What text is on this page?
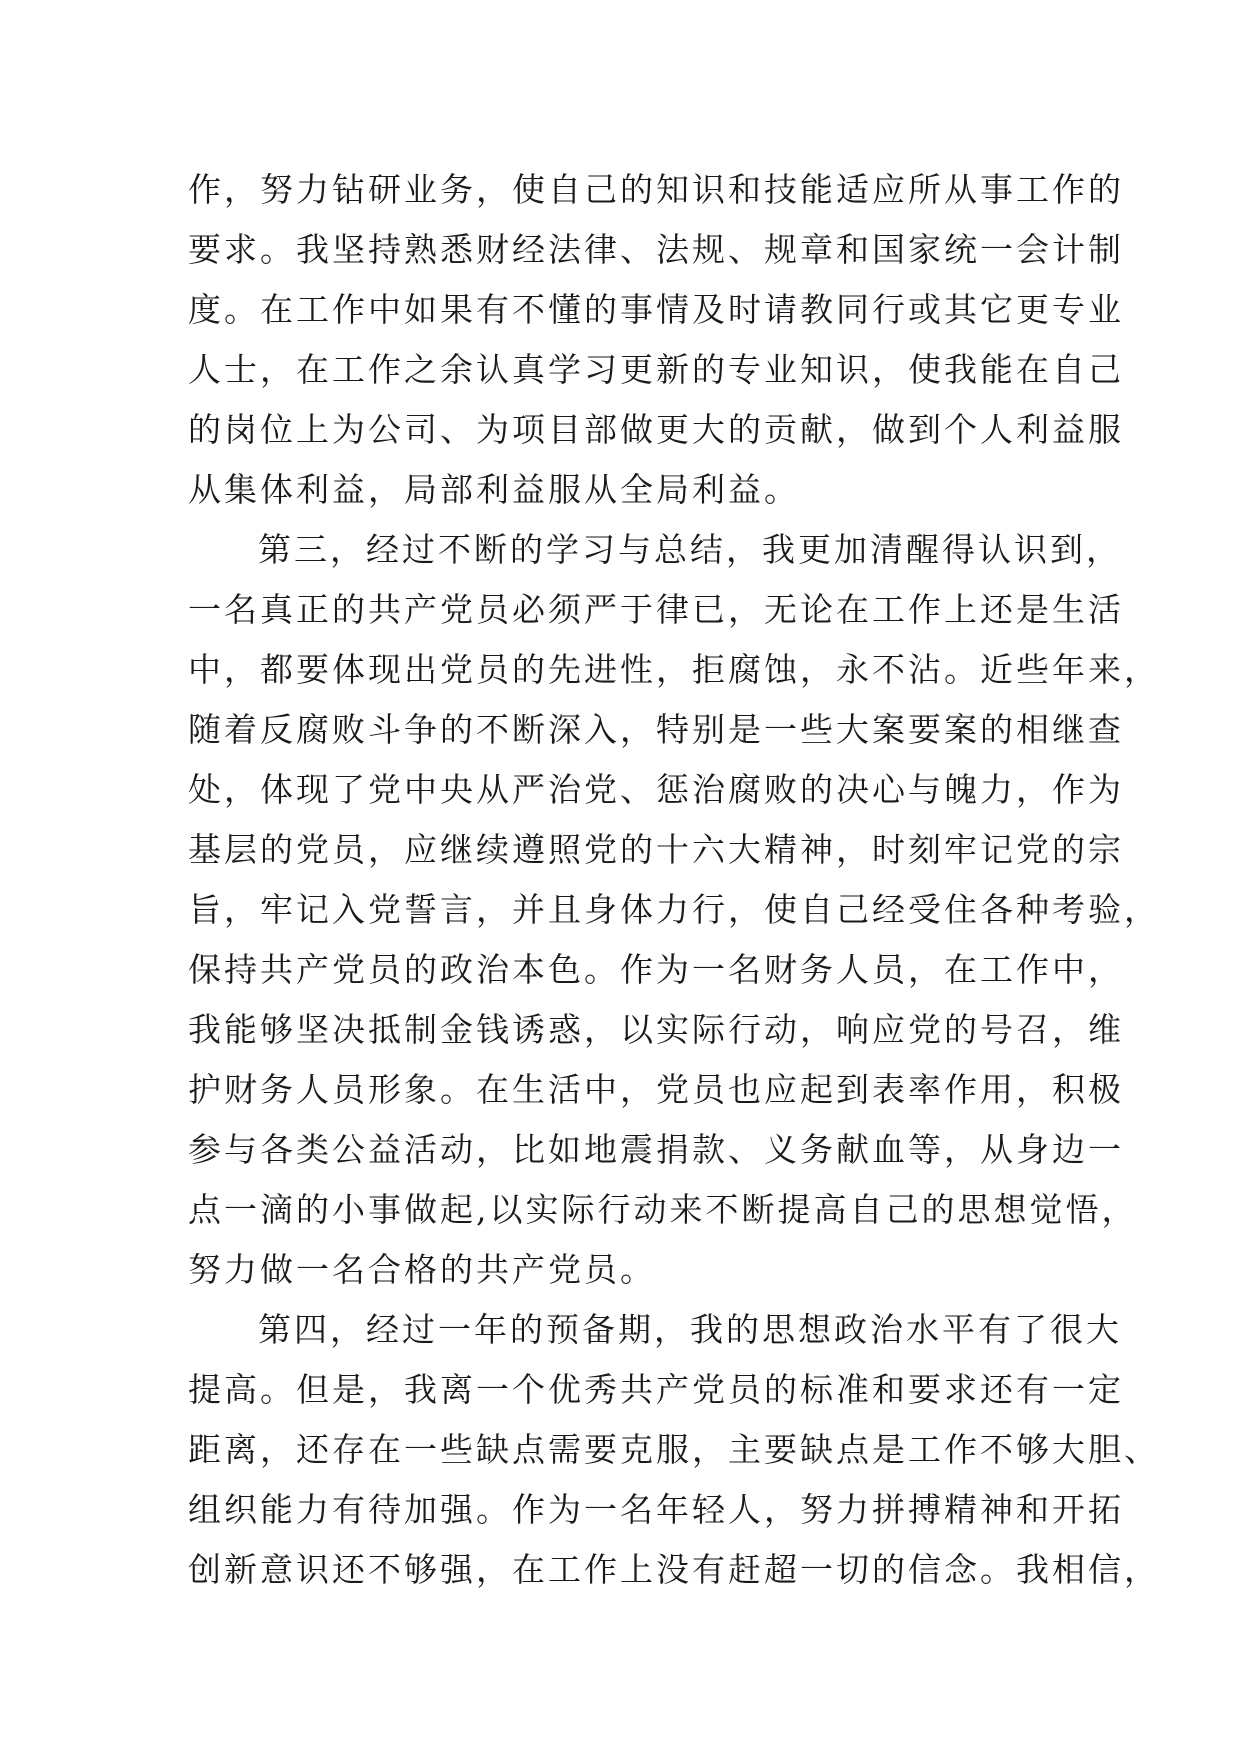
作，努力钻研业务，使自己的知识和技能适应所从事工作的
要求。我坚持熟悉财经法律、法规、规章和国家统一会计制
度。在工作中如果有不懂的事情及时请教同行或其它更专业
人士，在工作之余认真学习更新的专业知识，使我能在自己
的岗位上为公司、为项目部做更大的贡献，做到个人利益服
从集体利益，局部利益服从全局利益。
第三，经过不断的学习与总结，我更加清醒得认识到，
一名真正的共产党员必须严于律已，无论在工作上还是生活
中，都要体现出党员的先进性，拒腐蚀，永不沾。近些年来，
随着反腐败斗争的不断深入，特别是一些大案要案的相继查
处，体现了党中央从严治党、惩治腐败的决心与魄力，作为
基层的党员，应继续遵照党的十六大精神，时刻牢记党的宗
旨，牢记入党誓言，并且身体力行，使自己经受住各种考验，
保持共产党员的政治本色。作为一名财务人员，在工作中，
我能够坚决抵制金钱诱惑，以实际行动，响应党的号召，维
护财务人员形象。在生活中，党员也应起到表率作用，积极
参与各类公益活动，比如地震捐款、义务献血等，从身边一
点一滴的小事做起,以实际行动来不断提高自己的思想觉悟，
努力做一名合格的共产党员。
第四，经过一年的预备期，我的思想政治水平有了很大
提高。但是，我离一个优秀共产党员的标准和要求还有一定
距离，还存在一些缺点需要克服，主要缺点是工作不够大胆、
组织能力有待加强。作为一名年轻人，努力拼搏精神和开拓
创新意识还不够强，在工作上没有赶超一切的信念。我相信，
